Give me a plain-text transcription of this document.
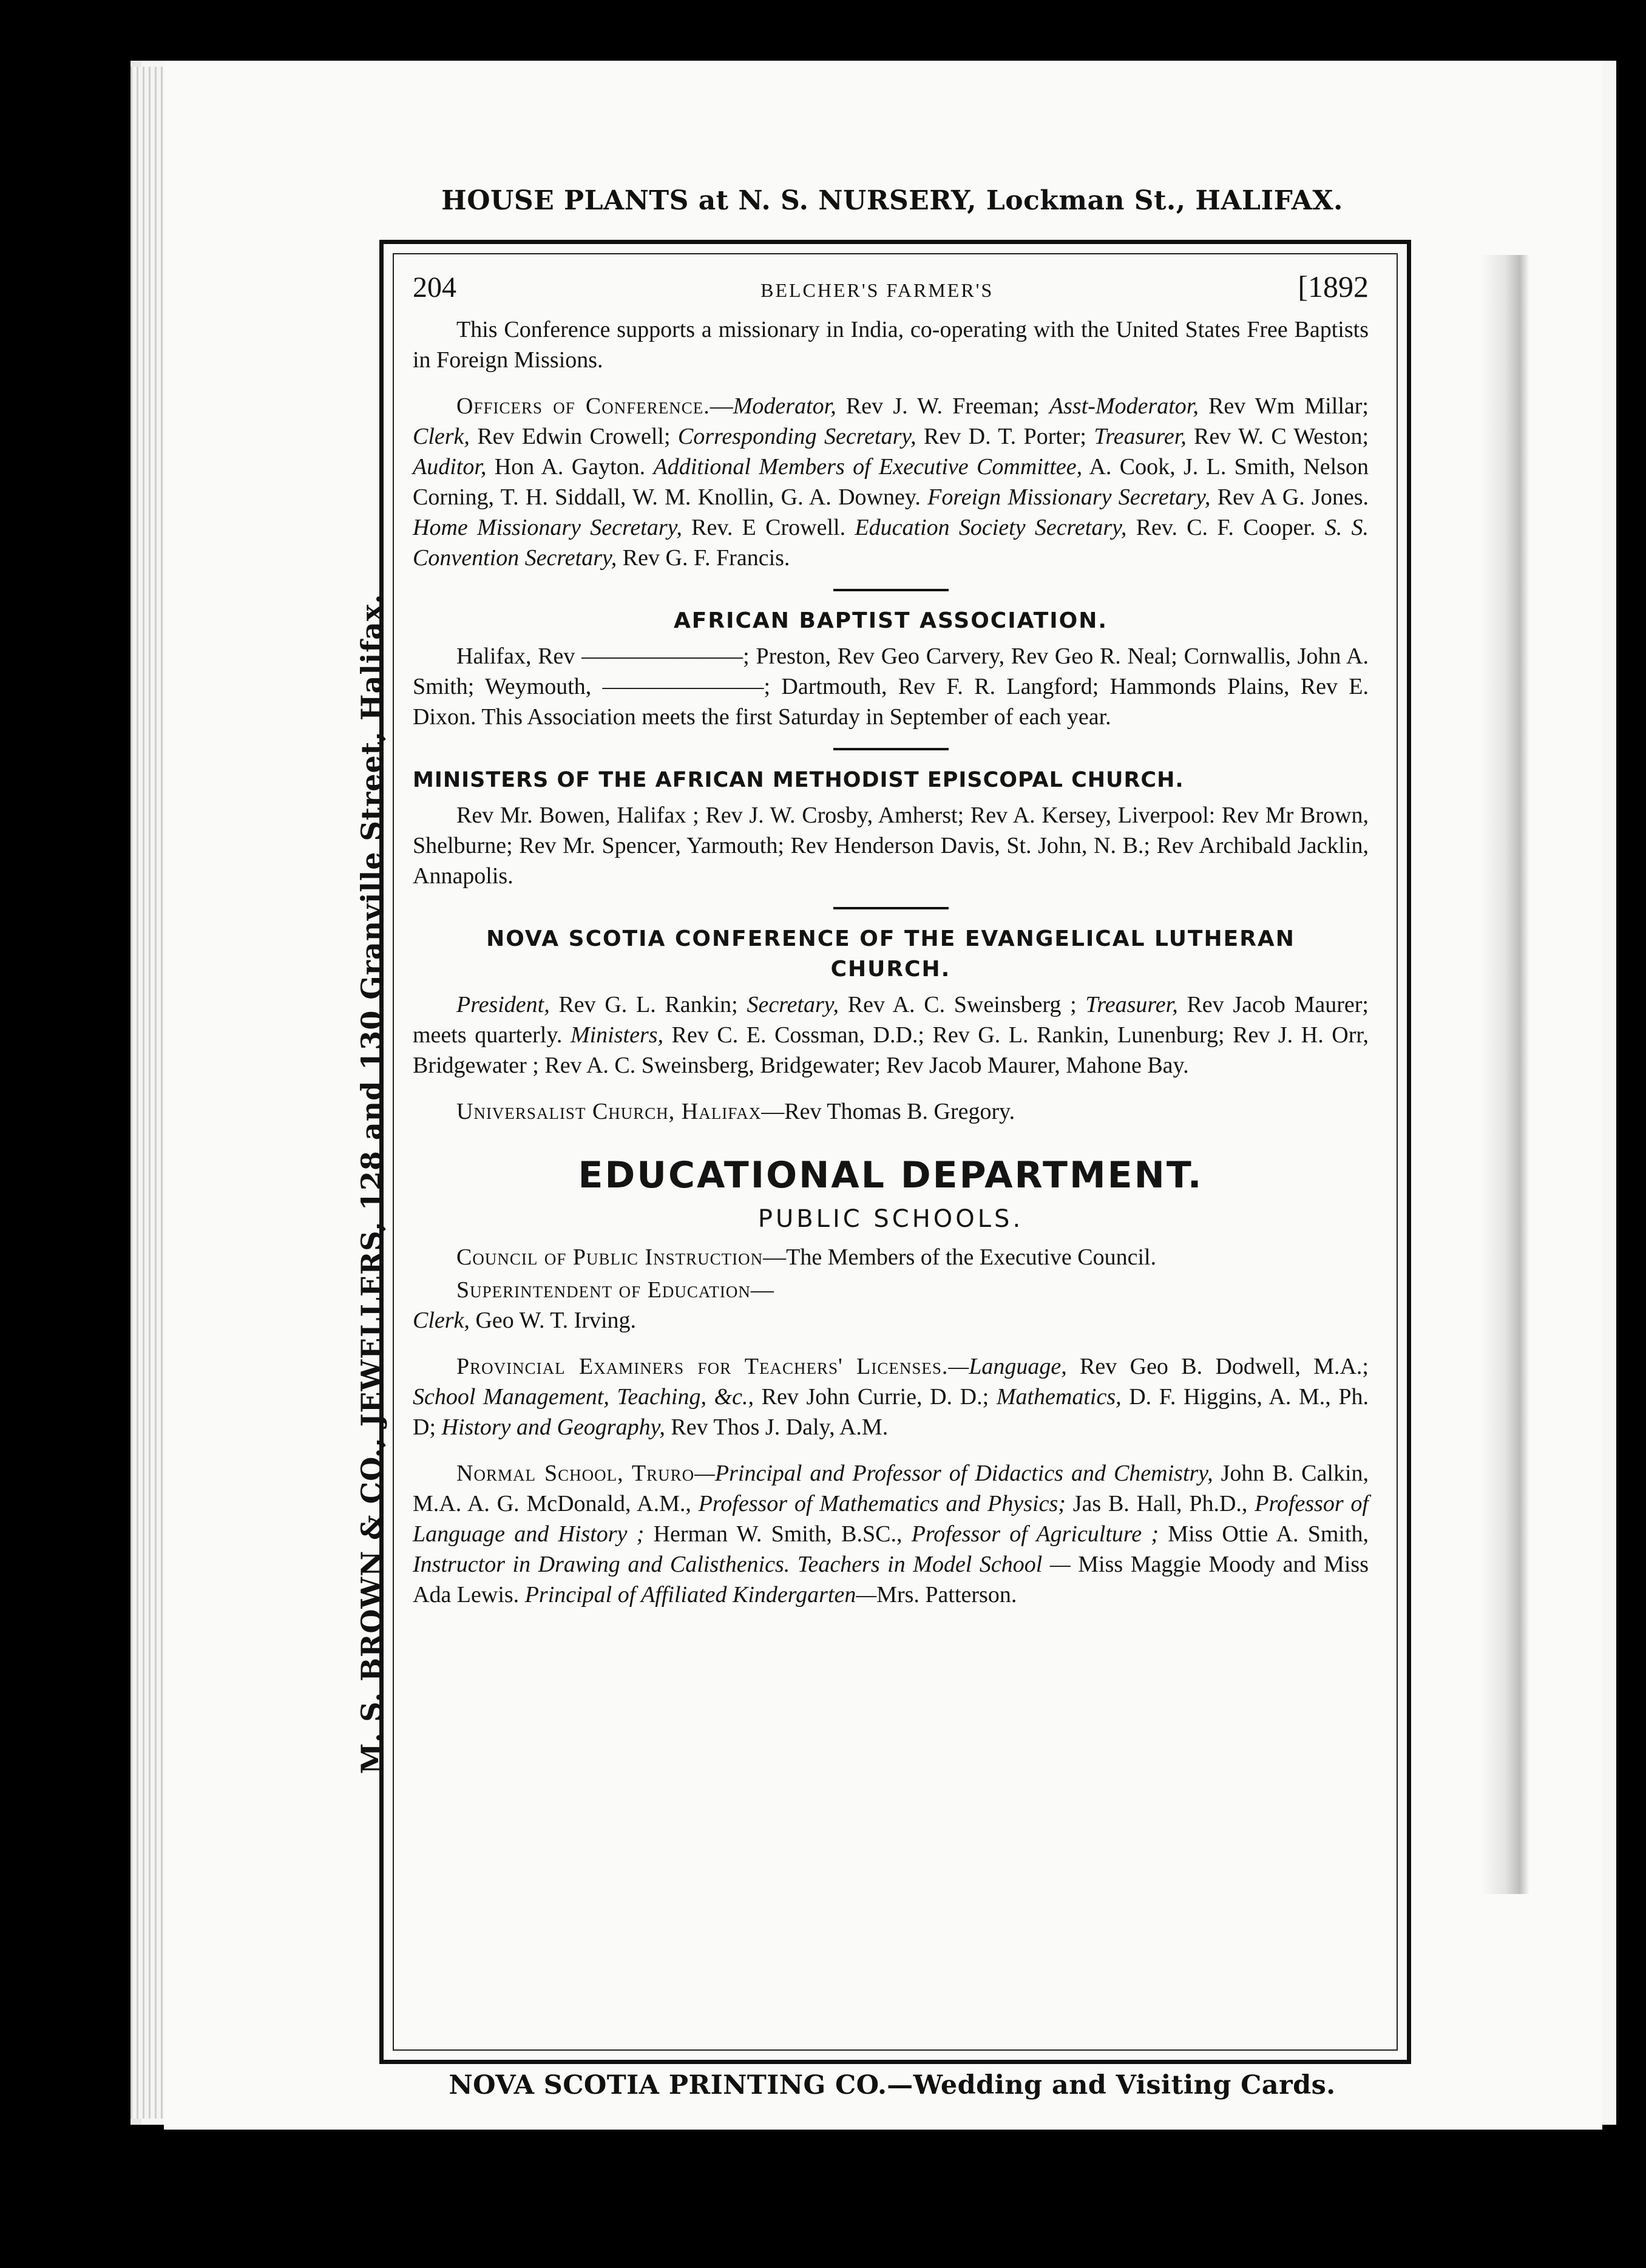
HOUSE PLANTS at N. S. NURSERY, Lockman St., HALIFAX.
M. S. BROWN & CO., JEWELLERS, 128 and 130 Granville Street, Halifax.
204	BELCHER'S FARMER'S	[1892

This Conference supports a missionary in India, co-operating with the United States Free Baptists in Foreign Missions.

Officers of Conference.—Moderator, Rev J. W. Freeman; Asst-Moderator, Rev Wm Millar; Clerk, Rev Edwin Crowell; Corresponding Secretary, Rev D. T. Porter; Treasurer, Rev W. C Weston; Auditor, Hon A. Gayton. Additional Members of Executive Committee, A. Cook, J. L. Smith, Nelson Corning, T. H. Siddall, W. M. Knollin, G. A. Downey. Foreign Missionary Secretary, Rev A G. Jones. Home Missionary Secretary, Rev. E Crowell. Education Society Secretary, Rev. C. F. Cooper. S. S. Convention Secretary, Rev G. F. Francis.

AFRICAN BAPTIST ASSOCIATION.

Halifax, Rev ———————; Preston, Rev Geo Carvery, Rev Geo R. Neal; Cornwallis, John A. Smith; Weymouth, ———————; Dartmouth, Rev F. R. Langford; Hammonds Plains, Rev E. Dixon. This Association meets the first Saturday in September of each year.

MINISTERS OF THE AFRICAN METHODIST EPISCOPAL CHURCH.

Rev Mr. Bowen, Halifax ; Rev J. W. Crosby, Amherst; Rev A. Kersey, Liverpool: Rev Mr Brown, Shelburne; Rev Mr. Spencer, Yarmouth; Rev Henderson Davis, St. John, N. B.; Rev Archibald Jacklin, Annapolis.

NOVA SCOTIA CONFERENCE OF THE EVANGELICAL LUTHERAN
CHURCH.

President, Rev G. L. Rankin; Secretary, Rev A. C. Sweinsberg ; Treasurer, Rev Jacob Maurer; meets quarterly. Ministers, Rev C. E. Cossman, D.D.; Rev G. L. Rankin, Lunenburg; Rev J. H. Orr, Bridgewater ; Rev A. C. Sweinsberg, Bridgewater; Rev Jacob Maurer, Mahone Bay.

Universalist Church, Halifax—Rev Thomas B. Gregory.

EDUCATIONAL DEPARTMENT.
PUBLIC SCHOOLS.

Council of Public Instruction—The Members of the Executive Council.

Superintendent of Education—
Clerk, Geo W. T. Irving.

Provincial Examiners for Teachers' Licenses.—Language, Rev Geo B. Dodwell, M.A.; School Management, Teaching, &c., Rev John Currie, D. D.; Mathematics, D. F. Higgins, A. M., Ph. D; History and Geography, Rev Thos J. Daly, A.M.

Normal School, Truro—Principal and Professor of Didactics and Chemistry, John B. Calkin, M.A. A. G. McDonald, A.M., Professor of Mathematics and Physics; Jas B. Hall, Ph.D., Professor of Language and History ; Herman W. Smith, B.SC., Professor of Agriculture ; Miss Ottie A. Smith, Instructor in Drawing and Calisthenics. Teachers in Model School — Miss Maggie Moody and Miss Ada Lewis. Principal of Affiliated Kindergarten—Mrs. Patterson.

NOVA SCOTIA PRINTING CO.—Wedding and Visiting Cards.
